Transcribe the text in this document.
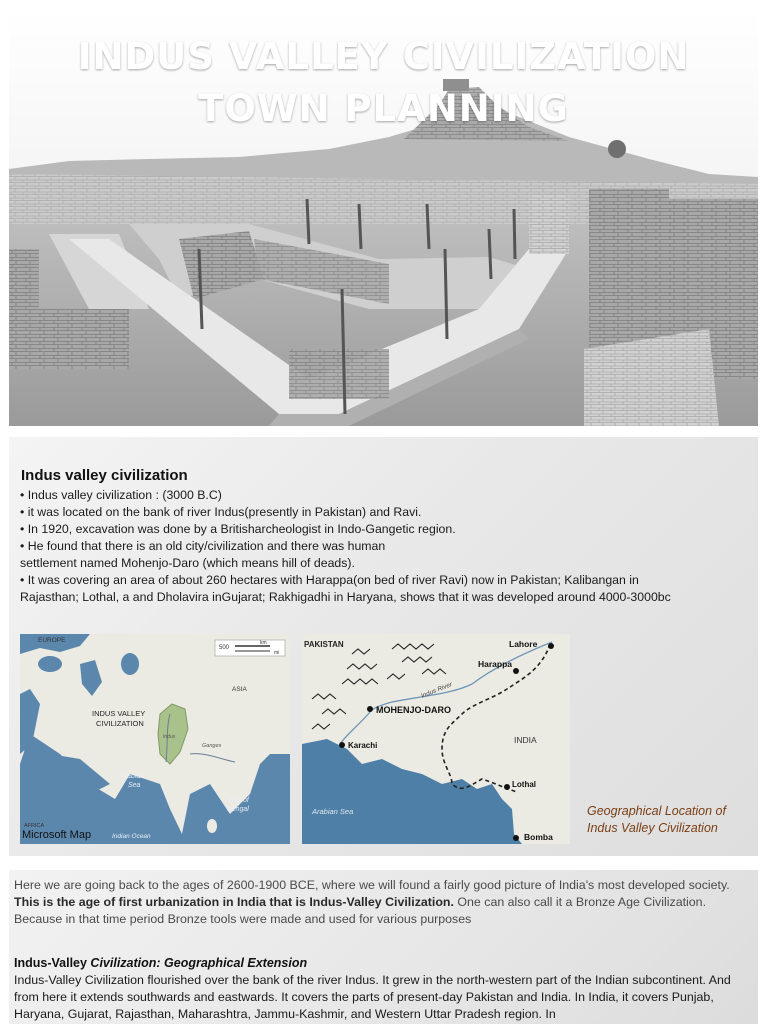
INDUS VALLEY CIVILIZATION
TOWN PLANNING
Indus valley civilization

• Indus valley civilization : (3000 B.C)

• it was located on the bank of river Indus(presently in Pakistan) and Ravi.

• In 1920, excavation was done by a Britisharcheologist in Indo-Gangetic region.

• He found that there is an old city/civilization and there was human

settlement named Mohenjo-Daro (which means hill of deads).

• It was covering an area of about 260 hectares with Harappa(on bed of river Ravi) now in Pakistan; Kalibangan in

Rajasthan; Lothal, a and Dholavira inGujarat; Rakhigadhi in Haryana, shows that it was developed around 4000-3000bc

500
km
mi
EUROPE
ASIA
INDUS VALLEY
CIVILIZATION
Indus
Ganges
Arabian
Sea
Bay of
Bengal
Indian Ocean
AFRICA
Microsoft Map
PAKISTAN	Lahore
Harappa
Indus River
MOHENJO-DARO
Karachi
INDIA
Lothal
Arabian Sea
Bomba
Geographical Location of
Indus Valley Civilization

Here we are going back to the ages of 2600-1900 BCE, where we will found a fairly good picture of India's most developed society. This is the age of first urbanization in India that is Indus-Valley Civilization. One can also call it a Bronze Age Civilization. Because in that time period Bronze tools were made and used for various purposes

Indus-Valley Civilization: Geographical Extension

Indus-Valley Civilization flourished over the bank of the river Indus. It grew in the north-western part of the Indian subcontinent. And from here it extends southwards and eastwards. It covers the parts of present-day Pakistan and India. In India, it covers Punjab, Haryana, Gujarat, Rajasthan, Maharashtra, Jammu-Kashmir, and Western Uttar Pradesh region. In
